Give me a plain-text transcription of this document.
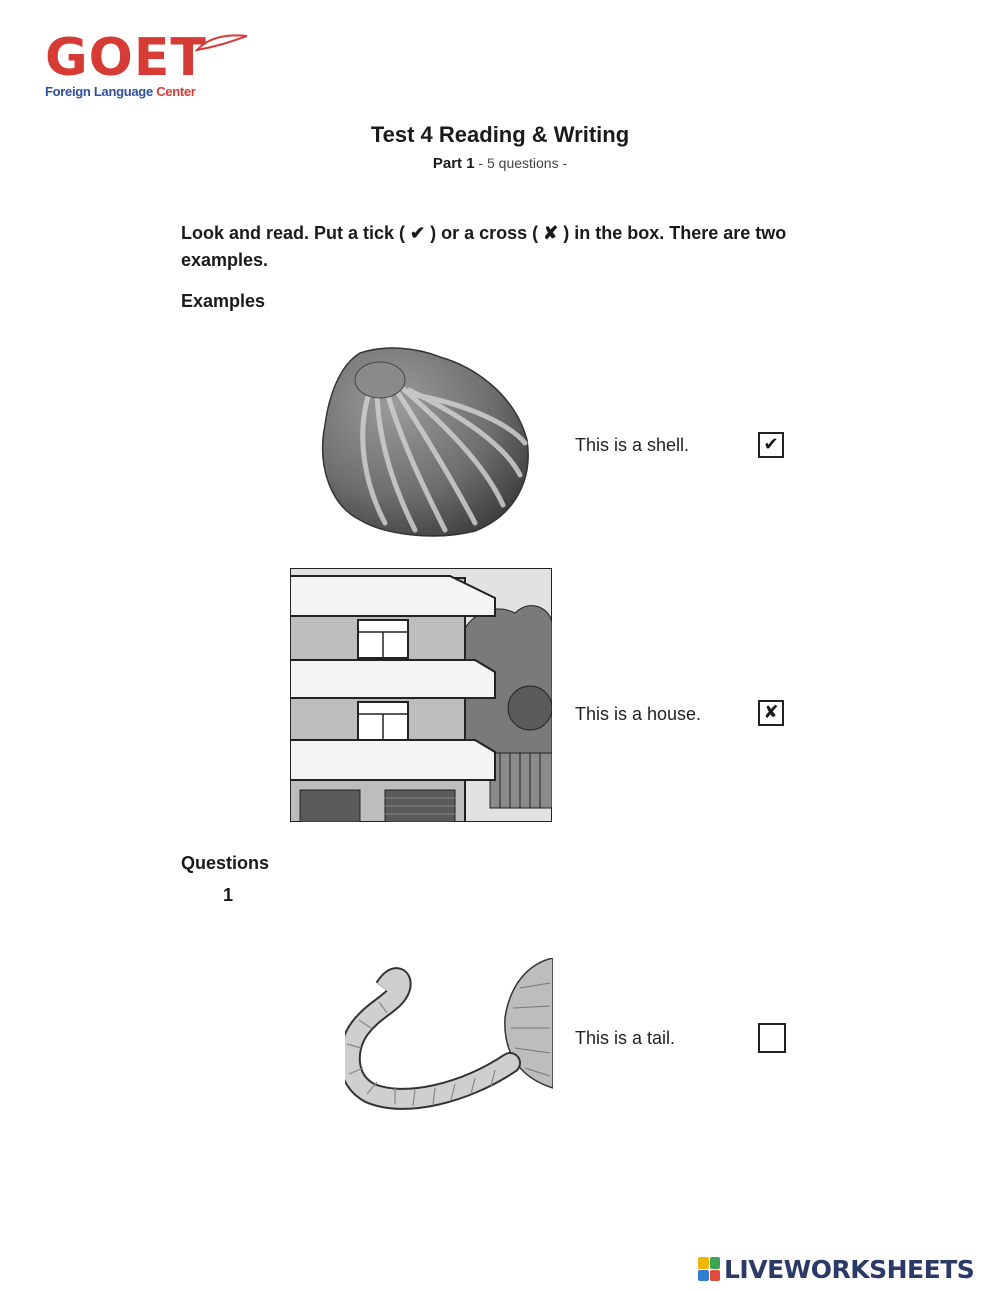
GOET
Foreign Language Center
Test 4 Reading & Writing
Part 1 - 5 questions -
Look and read. Put a tick ( ✔ ) or a cross ( ✘ ) in the box. There are two examples.
Examples
This is a shell.	✔
This is a house.	✘
Questions
1
This is a tail.
LIVEWORKSHEETS
